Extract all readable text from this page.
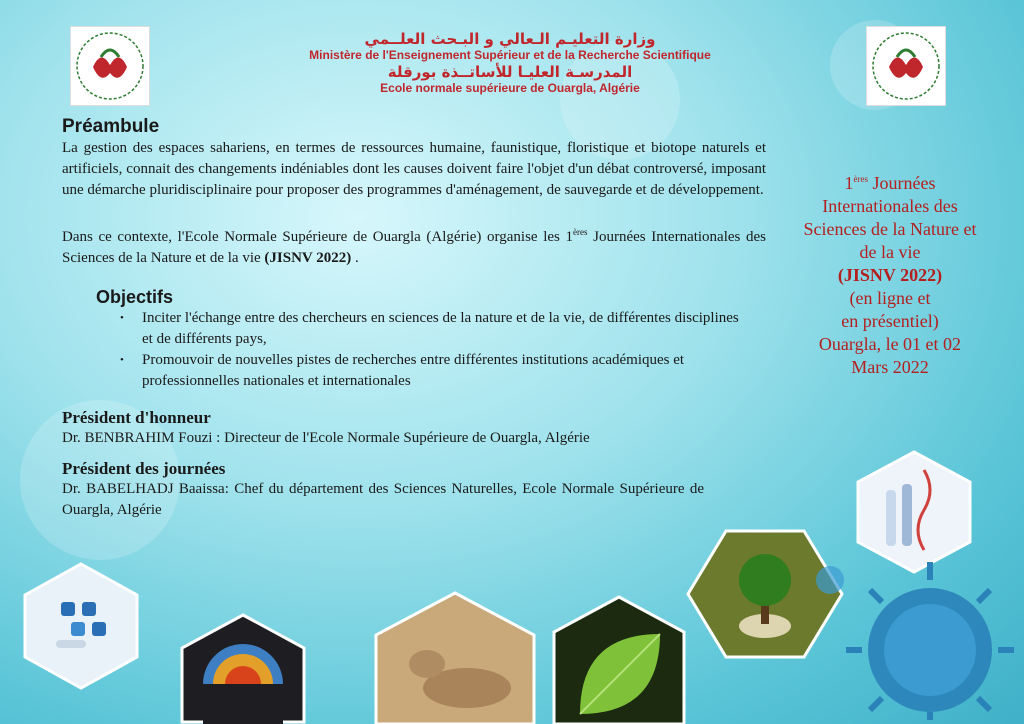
وزارة التعليـم الـعالي و البـحث العلــمي
Ministère de l'Enseignement Supérieur et de la Recherche Scientifique
المدرسـة العليـا للأساتــذة بورقلة
Ecole normale supérieure de Ouargla, Algérie
Préambule

La gestion des espaces sahariens, en termes de ressources humaine, faunistique, floristique et biotope naturels et artificiels, connait des changements indéniables dont les causes doivent faire l'objet d'un débat controversé, imposant une démarche pluridisciplinaire pour proposer des programmes d'aménagement, de sauvegarde et de développement.

Dans ce contexte, l'Ecole Normale Supérieure de Ouargla (Algérie) organise les 1ères Journées Internationales des Sciences de la Nature et de la vie (JISNV 2022) .

Objectifs
• Inciter l'échange entre des chercheurs en sciences de la nature et de la vie, de différentes disciplines et de différents pays,
• Promouvoir de nouvelles pistes de recherches entre différentes institutions académiques et professionnelles nationales et internationales
Président d'honneur

Dr. BENBRAHIM Fouzi : Directeur de l'Ecole Normale Supérieure de Ouargla, Algérie

Président des journées

Dr. BABELHADJ Baaissa: Chef du département des Sciences Naturelles, Ecole Normale Supérieure de Ouargla, Algérie

1ères Journées
Internationales des
Sciences de la Nature et
de la vie
(JISNV 2022)
(en ligne et
en présentiel)
Ouargla, le 01 et 02
Mars 2022
